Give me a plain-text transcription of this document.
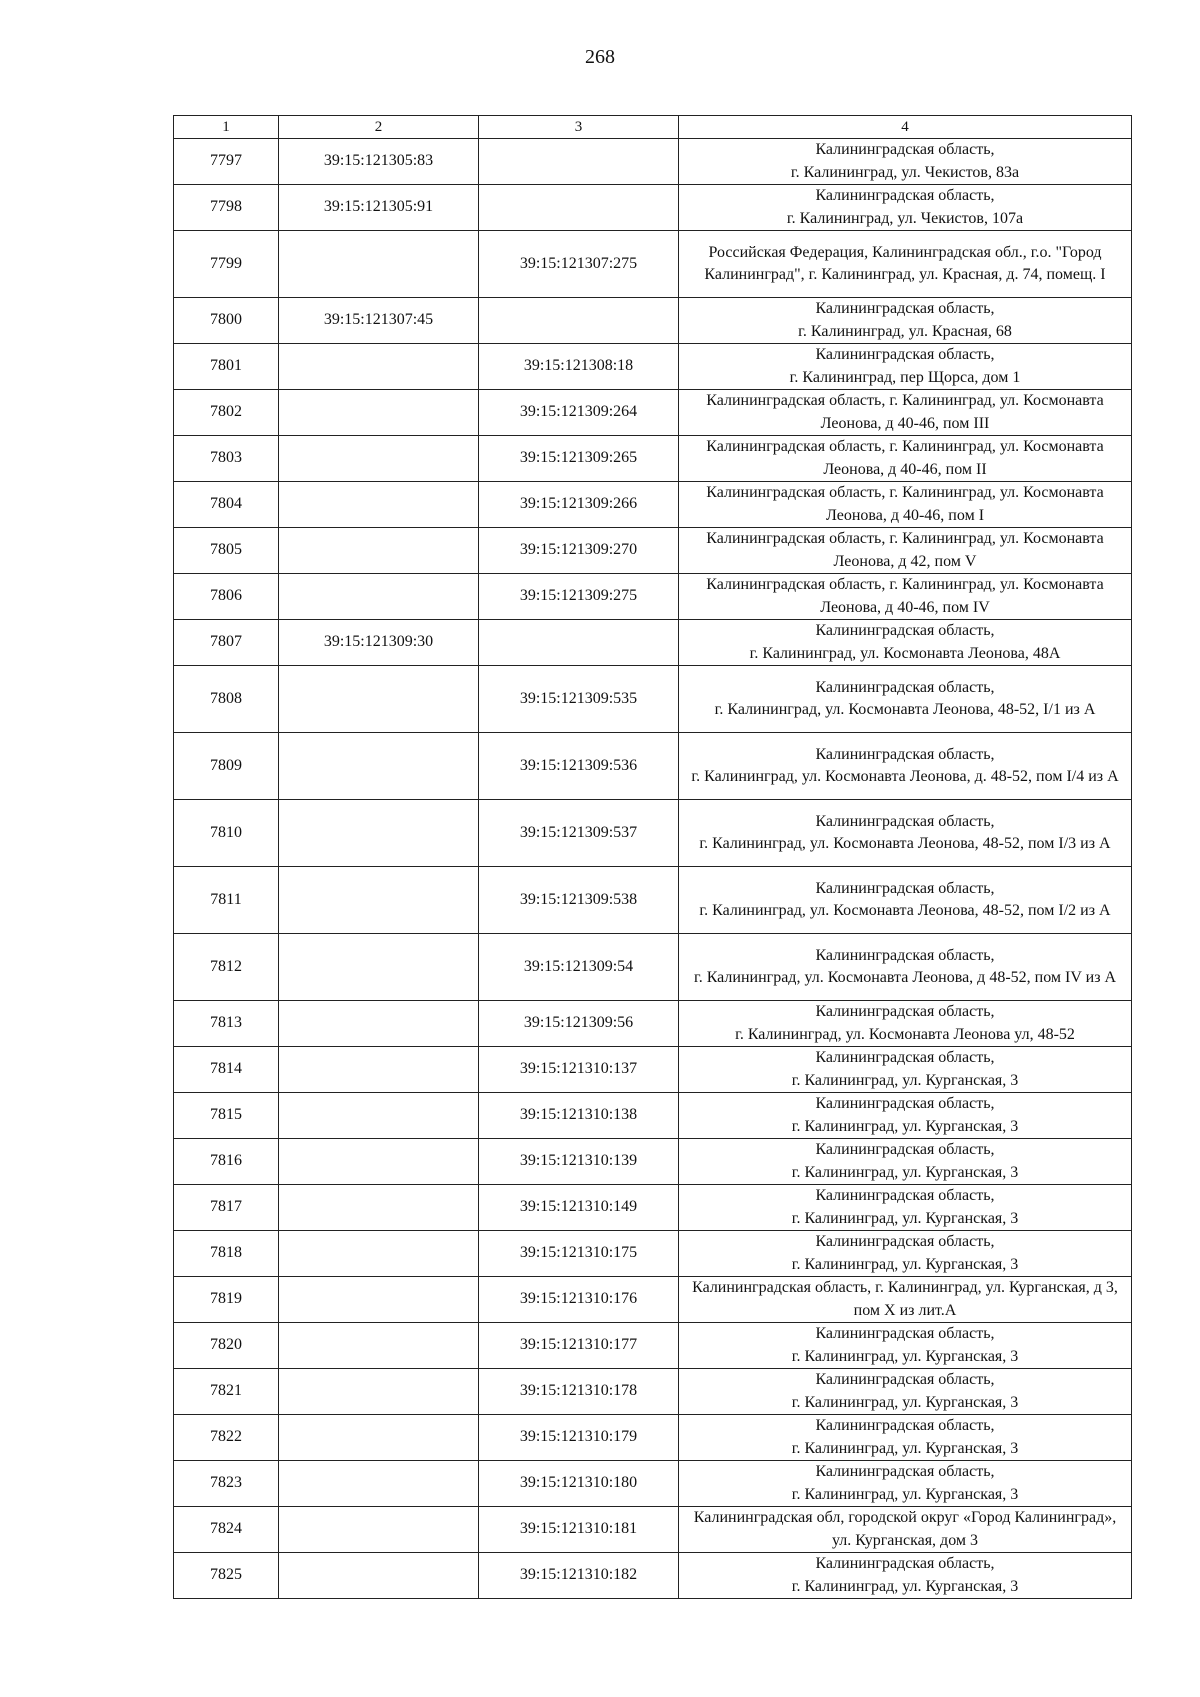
268
1	2	3	4
7797	39:15:121305:83		Калининградская область,
г. Калининград, ул. Чекистов, 83а
7798	39:15:121305:91		Калининградская область,
г. Калининград, ул. Чекистов, 107а
7799		39:15:121307:275	Российская Федерация, Калининградская обл., г.о. "Город Калининград", г. Калининград, ул. Красная, д. 74, помещ. I
7800	39:15:121307:45		Калининградская область,
г. Калининград, ул. Красная, 68
7801		39:15:121308:18	Калининградская область,
г. Калининград, пер Щорса, дом 1
7802		39:15:121309:264	Калининградская область, г. Калининград, ул. Космонавта Леонова, д 40-46, пом III
7803		39:15:121309:265	Калининградская область, г. Калининград, ул. Космонавта Леонова, д 40-46, пом II
7804		39:15:121309:266	Калининградская область, г. Калининград, ул. Космонавта Леонова, д 40-46, пом I
7805		39:15:121309:270	Калининградская область, г. Калининград, ул. Космонавта Леонова, д 42, пом V
7806		39:15:121309:275	Калининградская область, г. Калининград, ул. Космонавта Леонова, д 40-46, пом IV
7807	39:15:121309:30		Калининградская область,
г. Калининград, ул. Космонавта Леонова, 48А
7808		39:15:121309:535	Калининградская область,
г. Калининград, ул. Космонавта Леонова, 48-52, I/1 из А
7809		39:15:121309:536	Калининградская область,
г. Калининград, ул. Космонавта Леонова, д. 48-52, пом I/4 из А
7810		39:15:121309:537	Калининградская область,
г. Калининград, ул. Космонавта Леонова, 48-52, пом I/3 из А
7811		39:15:121309:538	Калининградская область,
г. Калининград, ул. Космонавта Леонова, 48-52, пом I/2 из А
7812		39:15:121309:54	Калининградская область,
г. Калининград, ул. Космонавта Леонова, д 48-52, пом IV из А
7813		39:15:121309:56	Калининградская область,
г. Калининград, ул. Космонавта Леонова ул, 48-52
7814		39:15:121310:137	Калининградская область,
г. Калининград, ул. Курганская, 3
7815		39:15:121310:138	Калининградская область,
г. Калининград, ул. Курганская, 3
7816		39:15:121310:139	Калининградская область,
г. Калининград, ул. Курганская, 3
7817		39:15:121310:149	Калининградская область,
г. Калининград, ул. Курганская, 3
7818		39:15:121310:175	Калининградская область,
г. Калининград, ул. Курганская, 3
7819		39:15:121310:176	Калининградская область, г. Калининград, ул. Курганская, д 3, пом X из лит.А
7820		39:15:121310:177	Калининградская область,
г. Калининград, ул. Курганская, 3
7821		39:15:121310:178	Калининградская область,
г. Калининград, ул. Курганская, 3
7822		39:15:121310:179	Калининградская область,
г. Калининград, ул. Курганская, 3
7823		39:15:121310:180	Калининградская область,
г. Калининград, ул. Курганская, 3
7824		39:15:121310:181	Калининградская обл, городской округ «Город Калининград», ул. Курганская, дом 3
7825		39:15:121310:182	Калининградская область,
г. Калининград, ул. Курганская, 3
